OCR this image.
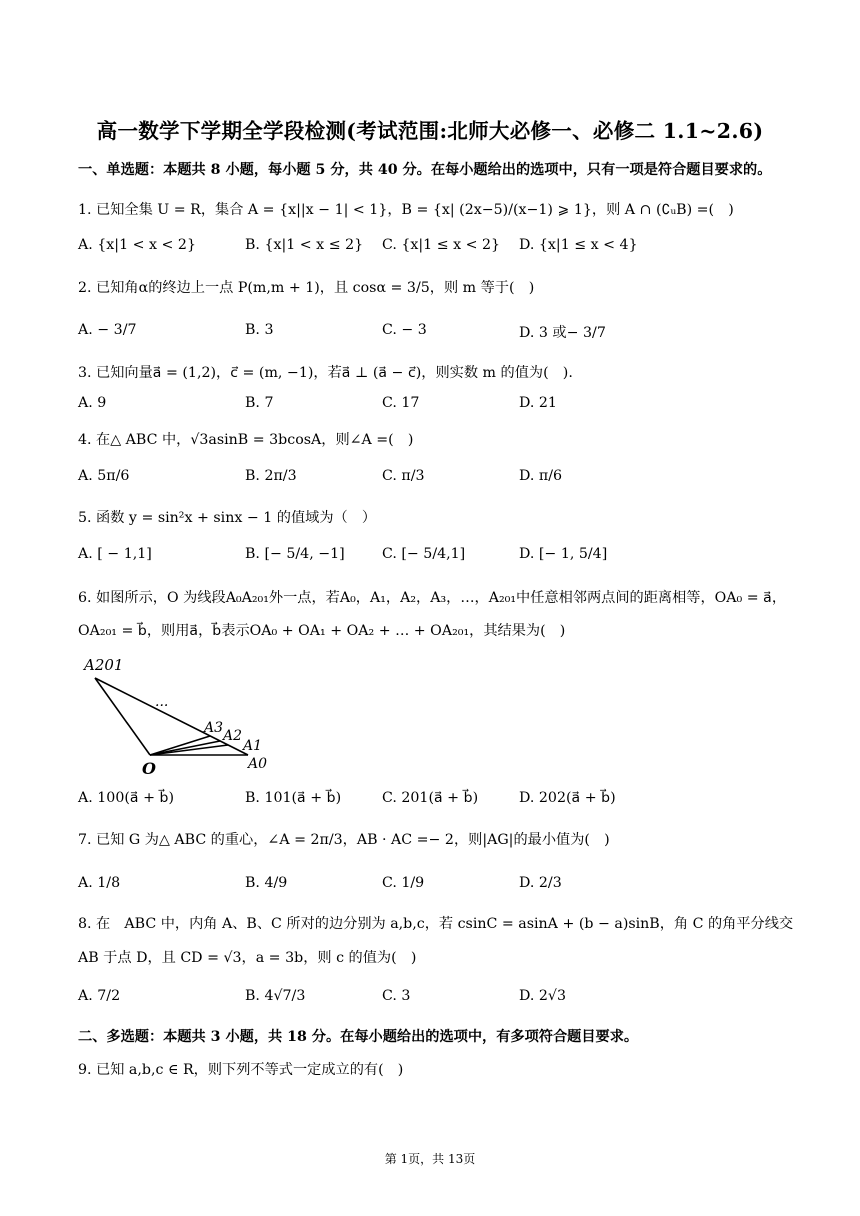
高一数学下学期全学段检测(考试范围:北师大必修一、必修二 1.1~2.6)
一、单选题：本题共 8 小题，每小题 5 分，共 40 分。在每小题给出的选项中，只有一项是符合题目要求的。
1. 已知全集 U = R，集合 A = {x||x − 1| < 1}，B = {x| (2x−5)/(x−1) ⩾ 1}，则 A ∩ (∁ᵤB) =(　)
A. {x|1 < x < 2}	B. {x|1 < x ≤ 2} C. {x|1 ≤ x < 2} D. {x|1 ≤ x < 4}
2. 已知角α的终边上一点 P(m,m + 1)，且 cosα = 3/5，则 m 等于(　)
A. − 3/7	B. 3	C. − 3	D. 3 或− 3/7
3. 已知向量a⃗ = (1,2)，c⃗ = (m, −1)，若a⃗ ⊥ (a⃗ − c⃗)，则实数 m 的值为(　).
A. 9	B. 7	C. 17	D. 21
4. 在△ ABC 中，√3asinB = 3bcosA，则∠A =(　)
A. 5π/6	B. 2π/3	C. π/3	D. π/6
5. 函数 y = sin²x + sinx − 1 的值域为（　）
A. [ − 1,1]	B. [− 5/4, −1]	C. [− 5/4,1]	D. [− 1, 5/4]
6. 如图所示，O 为线段A₀A₂₀₁外一点，若A₀，A₁，A₂，A₃，…，A₂₀₁中任意相邻两点间的距离相等，OA₀ = a⃗，
OA₂₀₁ = b⃗，则用a⃗，b⃗表示OA₀ + OA₁ + OA₂ + … + OA₂₀₁，其结果为(　)
A201
...
A3 A2
A1
A0
O
A. 100(a⃗ + b⃗)	B. 101(a⃗ + b⃗)	C. 201(a⃗ + b⃗)	D. 202(a⃗ + b⃗)
7. 已知 G 为△ ABC 的重心，∠A = 2π/3，AB · AC =− 2，则|AG|的最小值为(　)
A. 1/8	B. 4/9	C. 1/9	D. 2/3
8. 在　ABC 中，内角 A、B、C 所对的边分别为 a,b,c，若 csinC = asinA + (b − a)sinB，角 C 的角平分线交
AB 于点 D，且 CD = √3，a = 3b，则 c 的值为(　)
A. 7/2	B. 4√7/3	C. 3	D. 2√3
二、多选题：本题共 3 小题，共 18 分。在每小题给出的选项中，有多项符合题目要求。
9. 已知 a,b,c ∈ R，则下列不等式一定成立的有(　)
第 1页，共 13页
